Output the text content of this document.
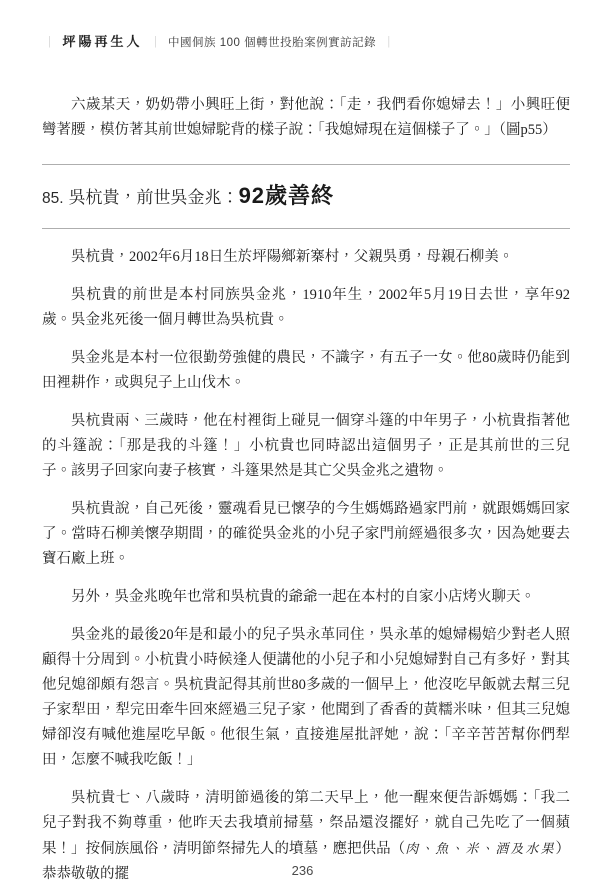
｜ 坪陽再生人 ｜ 中國侗族 100 個轉世投胎案例實訪記錄 ｜

六歲某天，奶奶帶小興旺上街，對他說：「走，我們看你媳婦去！」小興旺便彎著腰，模仿著其前世媳婦駝背的樣子說：「我媳婦現在這個樣子了。」（圖p55）

85. 吳杭貴，前世吳金兆：92歲善終

吳杭貴，2002年6月18日生於坪陽鄉新寨村，父親吳勇，母親石柳美。

吳杭貴的前世是本村同族吳金兆，1910年生，2002年5月19日去世，享年92歲。吳金兆死後一個月轉世為吳杭貴。

吳金兆是本村一位很勤勞強健的農民，不識字，有五子一女。他80歲時仍能到田裡耕作，或與兒子上山伐木。

吳杭貴兩、三歲時，他在村裡街上碰見一個穿斗篷的中年男子，小杭貴指著他的斗篷說：「那是我的斗篷！」小杭貴也同時認出這個男子，正是其前世的三兒子。該男子回家向妻子核實，斗篷果然是其亡父吳金兆之遺物。

吳杭貴說，自己死後，靈魂看見已懷孕的今生媽媽路過家門前，就跟媽媽回家了。當時石柳美懷孕期間，的確從吳金兆的小兒子家門前經過很多次，因為她要去寶石廠上班。

另外，吳金兆晚年也常和吳杭貴的爺爺一起在本村的自家小店烤火聊天。

吳金兆的最後20年是和最小的兒子吳永革同住，吳永革的媳婦楊婄少對老人照顧得十分周到。小杭貴小時候逢人便講他的小兒子和小兒媳婦對自己有多好，對其他兒媳卻頗有怨言。吳杭貴記得其前世80多歲的一個早上，他沒吃早飯就去幫三兒子家犁田，犁完田牽牛回來經過三兒子家，他聞到了香香的黃糯米味，但其三兒媳婦卻沒有喊他進屋吃早飯。他很生氣，直接進屋批評她，說：「辛辛苦苦幫你們犁田，怎麼不喊我吃飯！」

吳杭貴七、八歲時，清明節過後的第二天早上，他一醒來便告訴媽媽：「我二兒子對我不夠尊重，他昨天去我墳前掃墓，祭品還沒擺好，就自己先吃了一個蘋果！」按侗族風俗，清明節祭掃先人的墳墓，應把供品（肉、魚、米、酒及水果）恭恭敬敬的擺	236
